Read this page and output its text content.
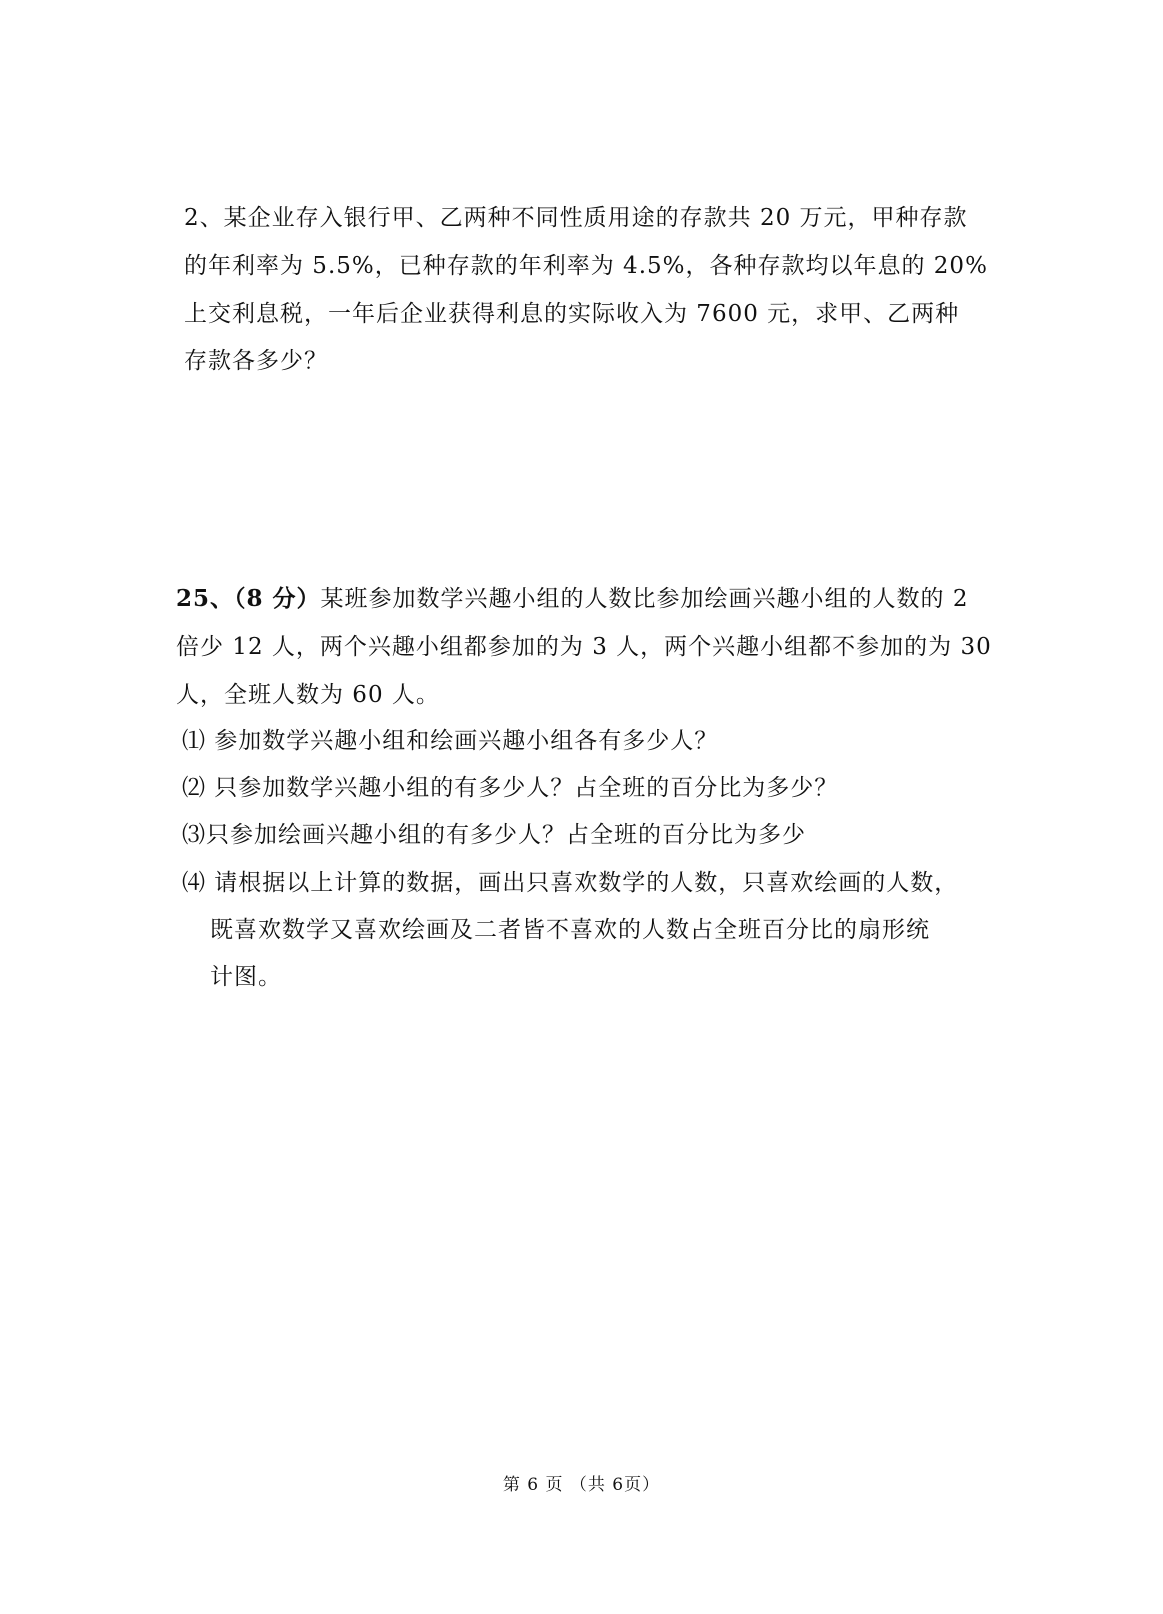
2、某企业存入银行甲、乙两种不同性质用途的存款共 20 万元，甲种存款
的年利率为 5.5%，已种存款的年利率为 4.5%，各种存款均以年息的 20%
上交利息税，一年后企业获得利息的实际收入为 7600 元，求甲、乙两种
存款各多少？
25、（8 分）某班参加数学兴趣小组的人数比参加绘画兴趣小组的人数的 2
倍少 12 人，两个兴趣小组都参加的为 3 人，两个兴趣小组都不参加的为 30
人，全班人数为 60 人。
⑴ 参加数学兴趣小组和绘画兴趣小组各有多少人？
⑵ 只参加数学兴趣小组的有多少人？占全班的百分比为多少？
⑶只参加绘画兴趣小组的有多少人？占全班的百分比为多少
⑷ 请根据以上计算的数据，画出只喜欢数学的人数，只喜欢绘画的人数，
既喜欢数学又喜欢绘画及二者皆不喜欢的人数占全班百分比的扇形统
计图。
第 6 页 （共 6页）
